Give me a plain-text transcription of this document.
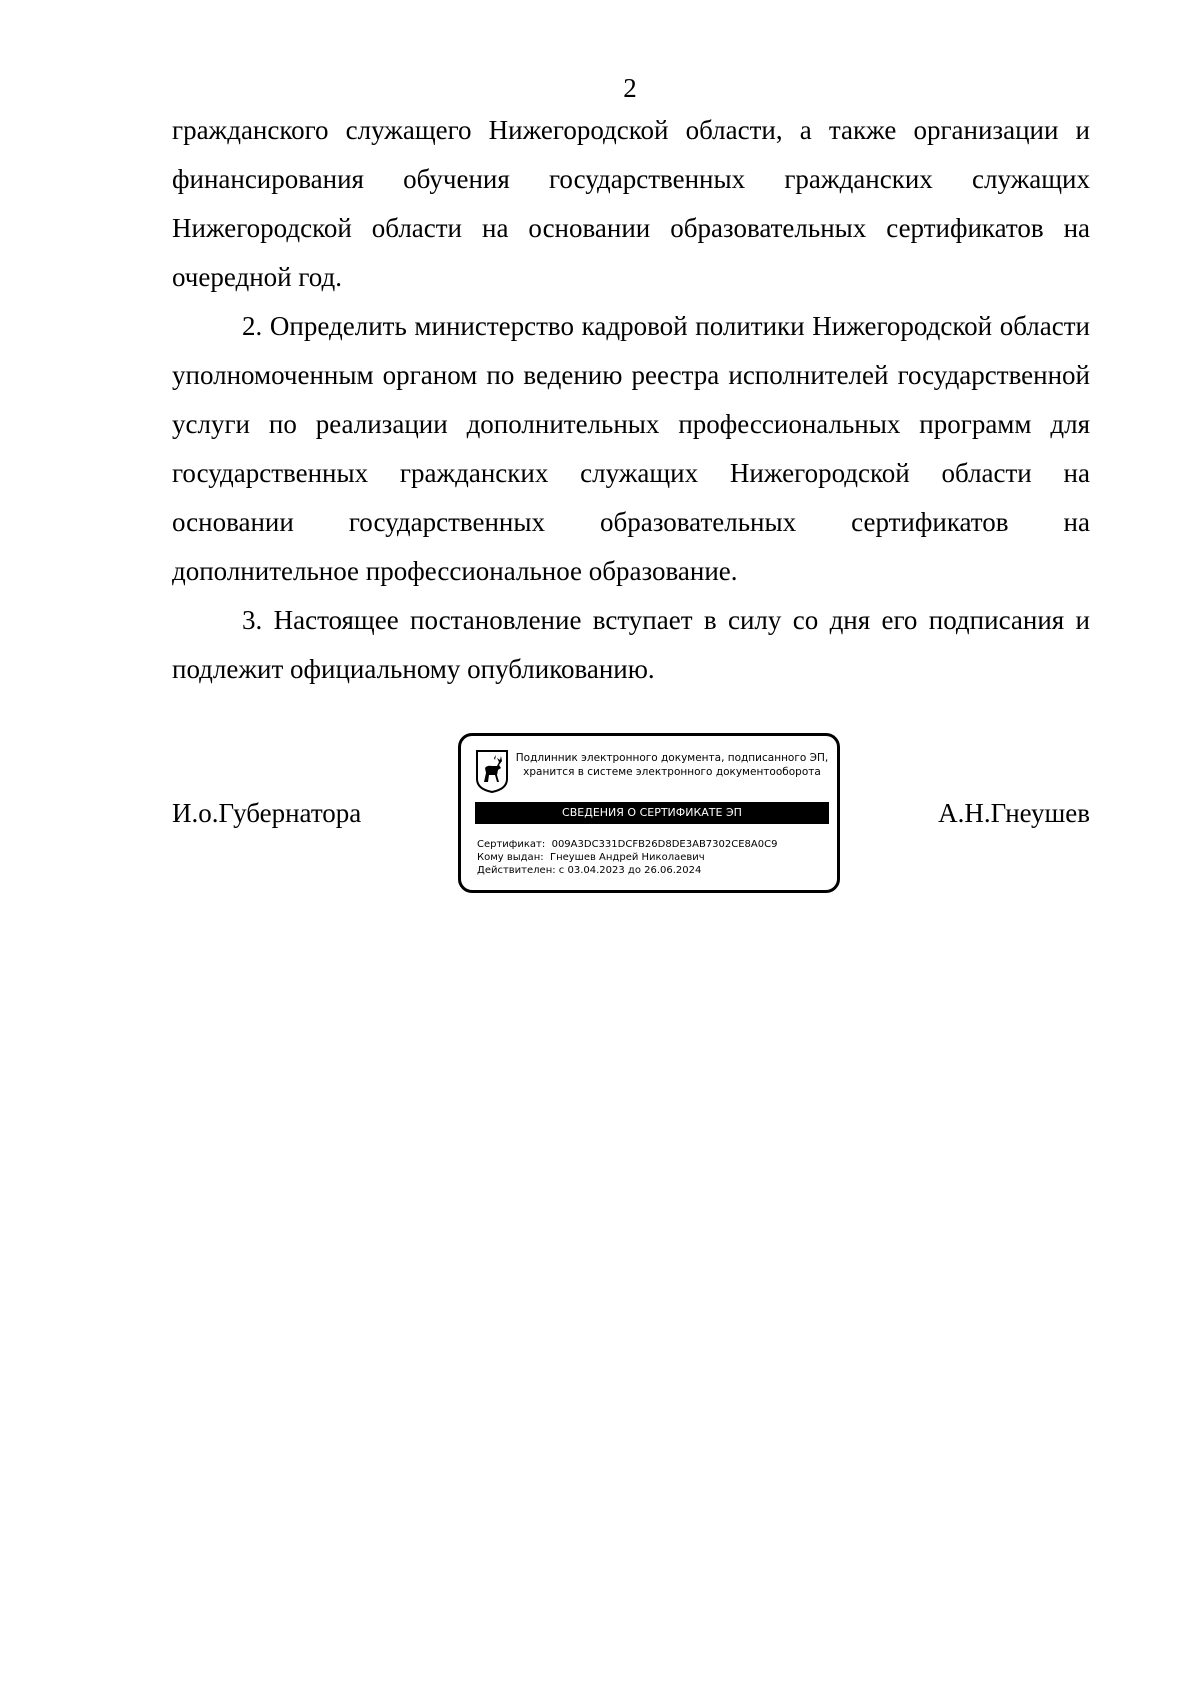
2

гражданского служащего Нижегородской области, а также организации и финансирования обучения государственных гражданских служащих Нижегородской области на основании образовательных сертификатов на очередной год.

2. Определить министерство кадровой политики Нижегородской области уполномоченным органом по ведению реестра исполнителей государственной услуги по реализации дополнительных профессиональных программ для государственных гражданских служащих Нижегородской области на основании государственных образовательных сертификатов на дополнительное профессиональное образование.

3. Настоящее постановление вступает в силу со дня его подписания и подлежит официальному опубликованию.

И.о.Губернатора
Подлинник электронного документа, подписанного ЭП,
хранится в системе электронного документооборота
СВЕДЕНИЯ О СЕРТИФИКАТЕ ЭП
Сертификат: 009A3DC331DCFB26D8DE3AB7302CE8A0C9
Кому выдан: Гнеушев Андрей Николаевич
Действителен: с 03.04.2023 до 26.06.2024
А.Н.Гнеушев
